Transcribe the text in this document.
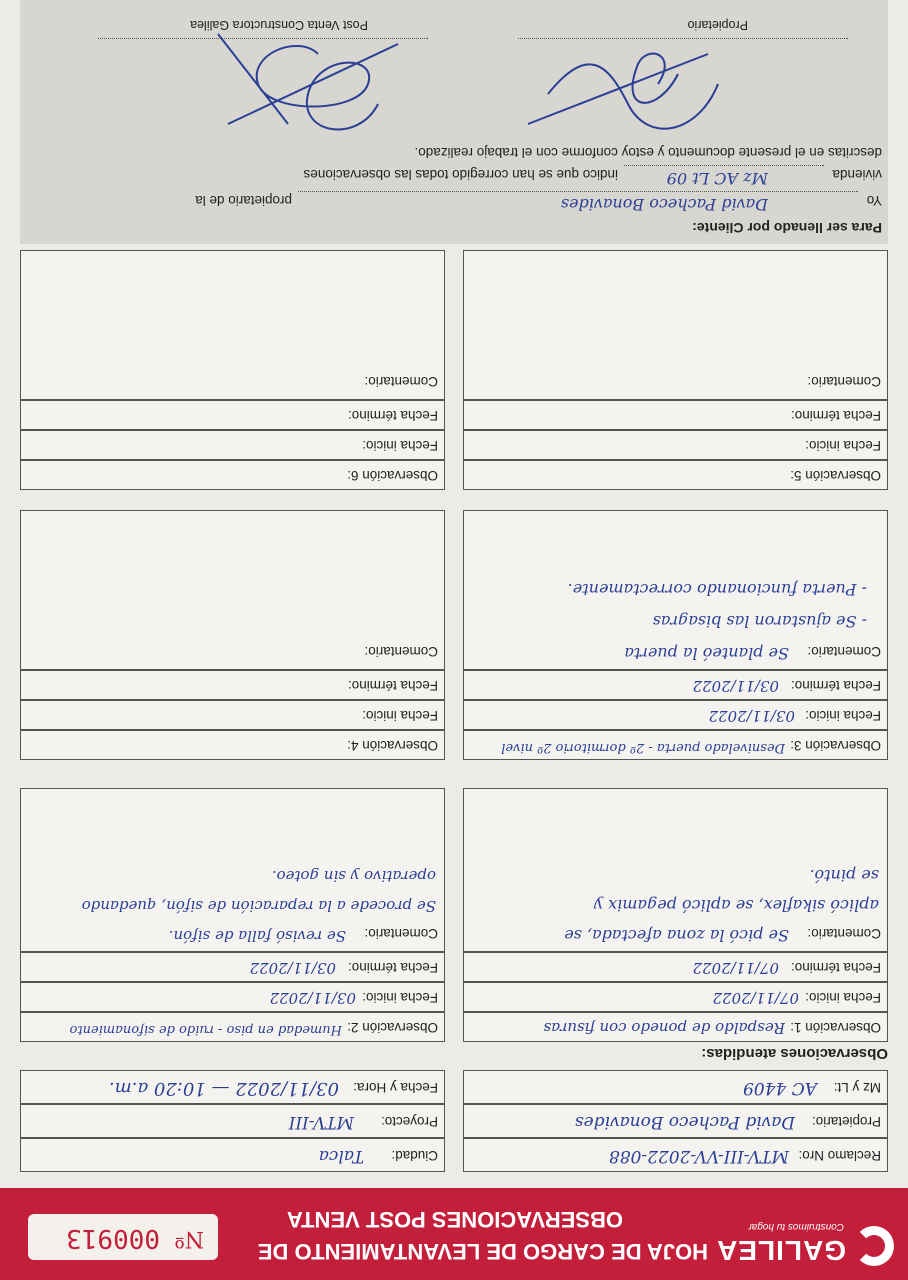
GALILEA
Construimos tu hogar
HOJA DE CARGO DE LEVANTAMIENTO DE
OBSERVACIONES POST VENTA
Nº
000913
Reclamo Nro:
MTV-III-VV-2022-088
Ciudad:
Talca
Propietario:
David Pacheco Bonavides
Proyecto:
MTV-III
Mz y Lt:
AC 4409
Fecha y Hora:
03/11/2022 — 10:20 a.m.
Observaciones atendidas:
Observación 1:
Respaldo de ponedo con fisuras
Fecha inicio:
07/11/2022
Fecha término:
07/11/2022
Comentario:
Se picó la zona afectada, se
aplicó sikaflex, se aplicó pegamix y
se pintó.
Observación 2:
Humedad en piso - ruido de sifonamiento
Fecha inicio:
03/11/2022
Fecha término:
03/11/2022
Comentario:
Se revisó falla de sifón.
Se procede a la reparación de sifón, quedando
operativo y sin goteo.
Observación 3:
Desnivelado puerta - 2º dormitorio 2º nivel
Fecha inicio:
03/11/2022
Fecha término:
03/11/2022
Comentario:
Se planteó la puerta
- Se ajustaron las bisagras
- Puerta funcionando correctamente.
Observación 4:
Fecha inicio:
Fecha término:
Comentario:
Observación 5:
Fecha inicio:
Fecha término:
Comentario:
Observación 6:
Fecha inicio:
Fecha término:
Comentario:
Para ser llenado por Cliente:
Yo
David Pacheco Bonavides
propietario de la
vivienda
Mz AC Lt 09
indico que se han corregido todas las observaciones
descritas en el presente documento y estoy conforme con el trabajo realizado.
Post Venta Constructora Galilea	Propietario
